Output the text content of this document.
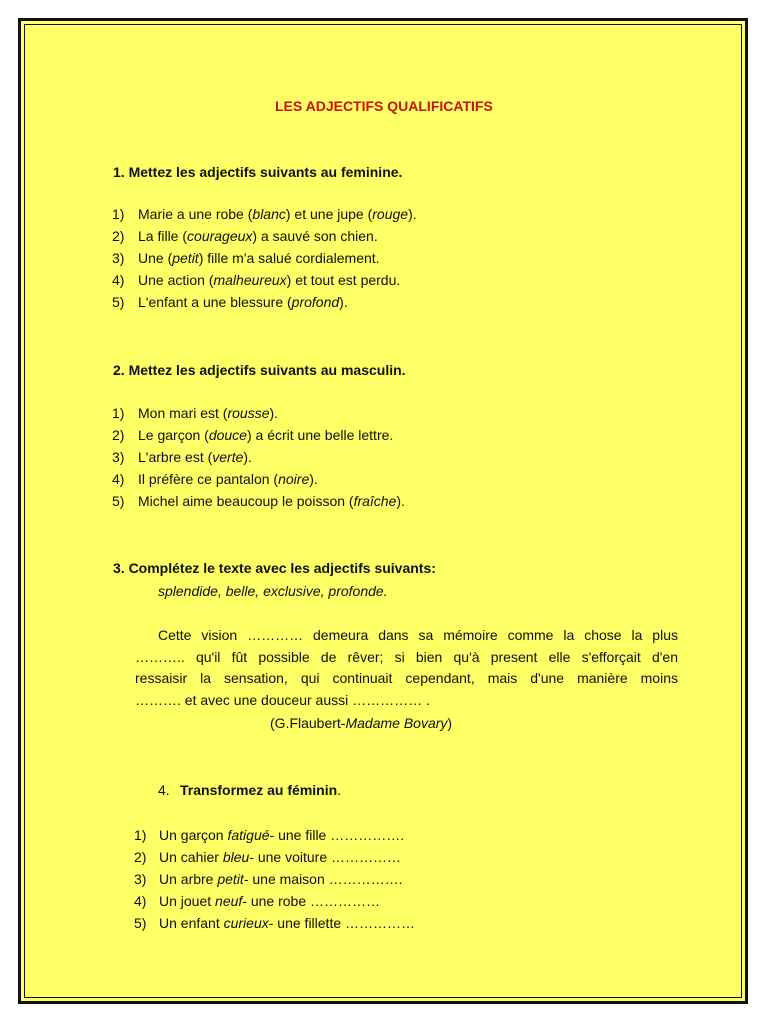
LES ADJECTIFS QUALIFICATIFS
1. Mettez les adjectifs suivants au feminine.
1) Marie a une robe (blanc) et une jupe (rouge).
2) La fille (courageux) a sauvé son chien.
3) Une (petit) fille m'a salué cordialement.
4) Une action (malheureux) et tout est perdu.
5) L'enfant a une blessure (profond).
2. Mettez les adjectifs suivants au masculin.
1) Mon mari est (rousse).
2) Le garçon (douce) a écrit une belle lettre.
3) L'arbre est (verte).
4) Il préfère ce pantalon (noire).
5) Michel aime beaucoup le poisson (fraîche).
3. Complétez le texte avec les adjectifs suivants:
splendide, belle, exclusive, profonde.
Cette vision ………… demeura dans sa mémoire comme la chose la plus
……….. qu'il fût possible de rêver; si bien qu'à present elle s'efforçait d'en
ressaisir la sensation, qui continuait cependant, mais d'une manière moins
………. et avec une douceur aussi …………… .
(G.Flaubert-Madame Bovary)
4. Transformez au féminin.
1) Un garçon fatigué- une fille …………….
2) Un cahier bleu- une voiture ……………
3) Un arbre petit- une maison …………….
4) Un jouet neuf- une robe ……………
5) Un enfant curieux- une fillette ……………
